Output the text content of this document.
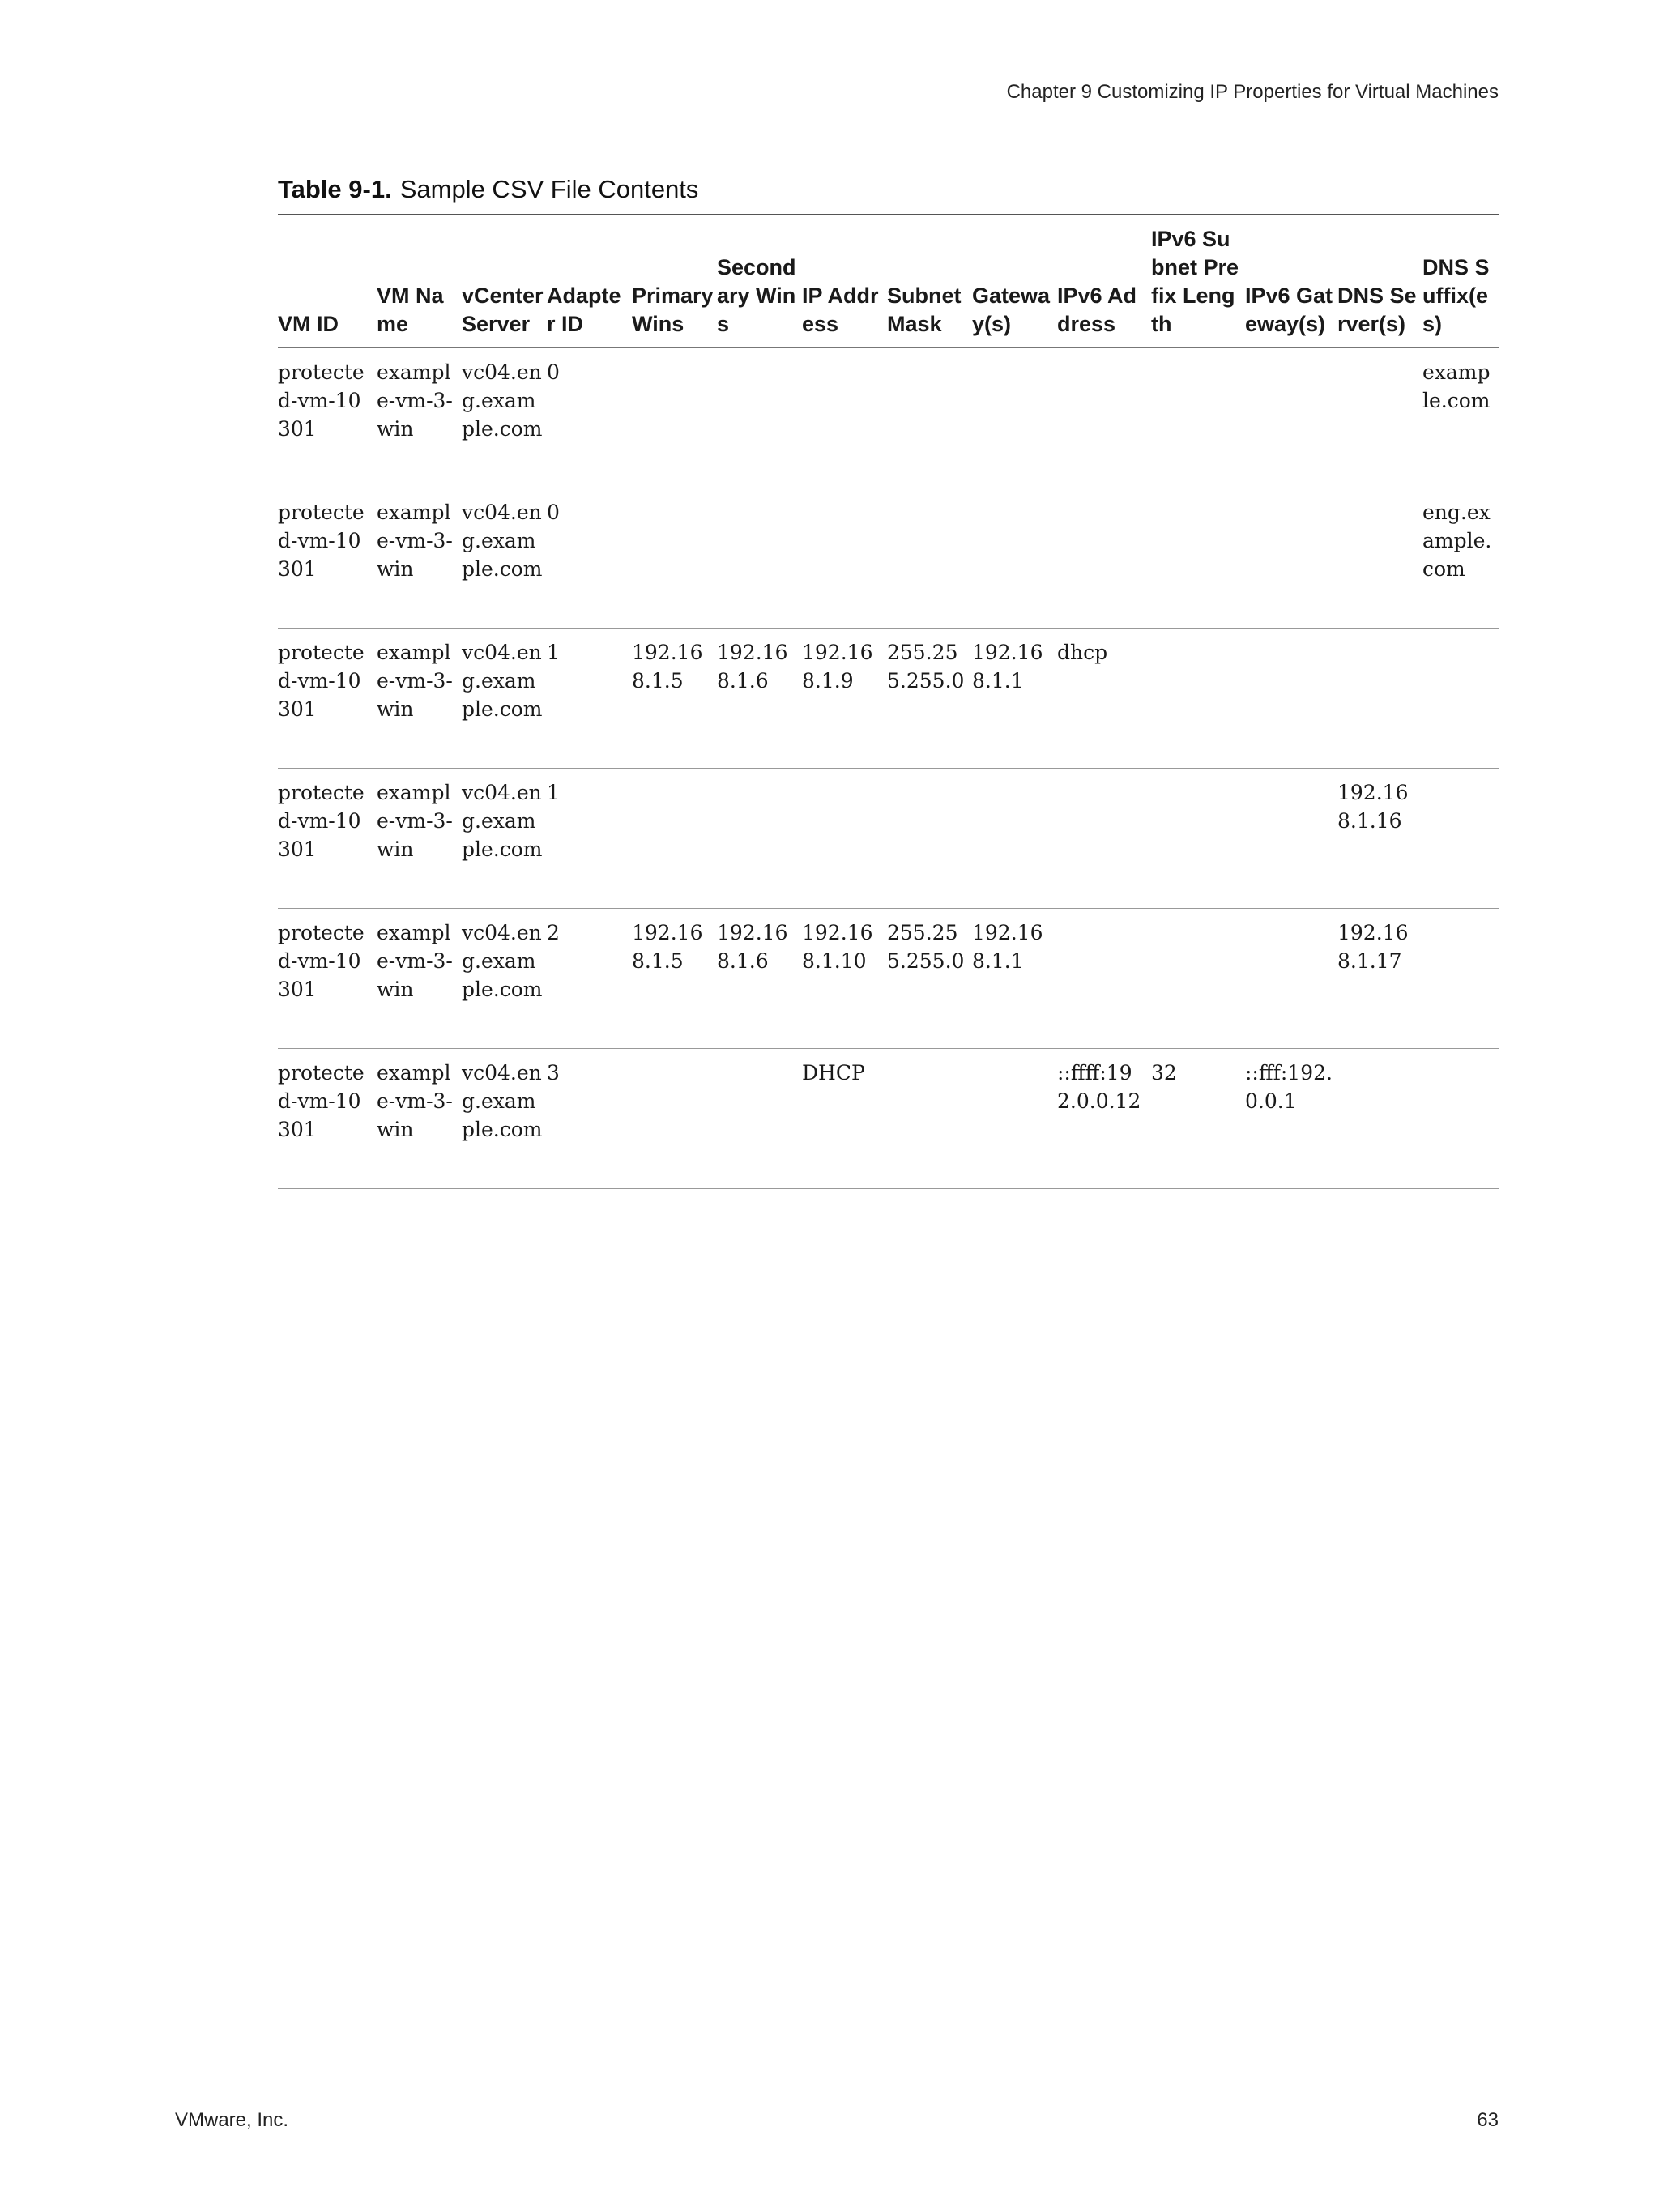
Chapter 9 Customizing IP Properties for Virtual Machines
Table 9-1. Sample CSV File Contents
VM ID	VM Name	vCenter Server	Adapter ID	Primary Wins	Secondary Wins	IP Address	Subnet Mask	Gateway(s)	IPv6 Address	IPv6 Subnet Prefix Length	IPv6 Gateway(s)	DNS Server(s)	DNS Suffix(es)
protected-vm-10301	example-vm-3-win	vc04.eng.example.com	0										example.com
protected-vm-10301	example-vm-3-win	vc04.eng.example.com	0										eng.example.com
protected-vm-10301	example-vm-3-win	vc04.eng.example.com	1	192.168.1.5	192.168.1.6	192.168.1.9	255.255.255.0	192.168.1.1	dhcp				
protected-vm-10301	example-vm-3-win	vc04.eng.example.com	1									192.168.1.16	
protected-vm-10301	example-vm-3-win	vc04.eng.example.com	2	192.168.1.5	192.168.1.6	192.168.1.10	255.255.255.0	192.168.1.1				192.168.1.17	
protected-vm-10301	example-vm-3-win	vc04.eng.example.com	3			DHCP			::ffff:192.0.0.12	32	::fff:192.0.0.1		
VMware, Inc.	63
